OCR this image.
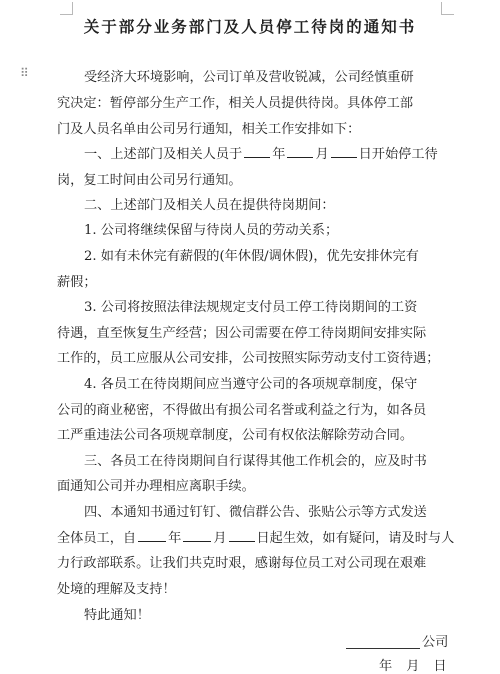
⠿
关于部分业务部门及人员停工待岗的通知书
受经济大环境影响，公司订单及营收锐减，公司经慎重研
究决定：暂停部分生产工作，相关人员提供待岗。具体停工部
门及人员名单由公司另行通知，相关工作安排如下：
一、上述部门及相关人员于 年 月 日开始停工待
岗，复工时间由公司另行通知。
二、上述部门及相关人员在提供待岗期间：
1. 公司将继续保留与待岗人员的劳动关系；
2. 如有未休完有薪假的(年休假/调休假)，优先安排休完有
薪假；
3. 公司将按照法律法规规定支付员工停工待岗期间的工资
待遇，直至恢复生产经营；因公司需要在停工待岗期间安排实际
工作的，员工应服从公司安排，公司按照实际劳动支付工资待遇；
4. 各员工在待岗期间应当遵守公司的各项规章制度，保守
公司的商业秘密，不得做出有损公司名誉或利益之行为，如各员
工严重违法公司各项规章制度，公司有权依法解除劳动合同。
三、各员工在待岗期间自行谋得其他工作机会的，应及时书
面通知公司并办理相应离职手续。
四、本通知书通过钉钉、微信群公告、张贴公示等方式发送
全体员工，自 年 月 日起生效，如有疑问，请及时与人
力行政部联系。让我们共克时艰，感谢每位员工对公司现在艰难
处境的理解及支持！
特此通知！
公司
年 月 日
